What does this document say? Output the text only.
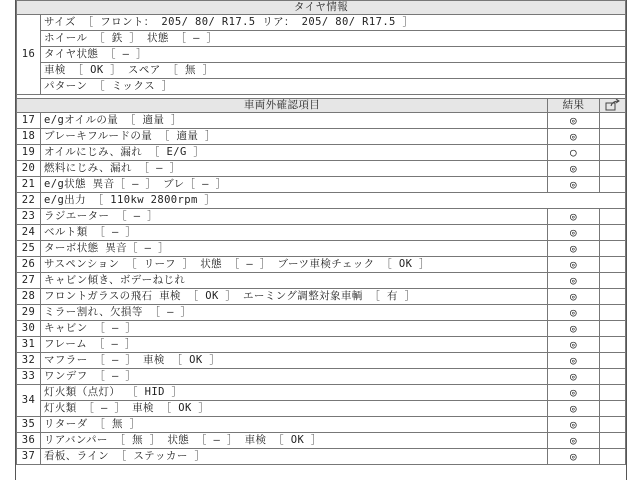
タイヤ情報
16	サイズ ［ フロント： 205/ 80/ R17.5 リア： 205/ 80/ R17.5 ］
ホイール ［ 鉄 ］ 状態 ［ ― ］
タイヤ状態 ［ ― ］
車検 ［ OK ］ スペア ［ 無 ］
パターン ［ ミックス ］
車両外確認項目		結果	
17	e/gオイルの量 ［ 適量 ］	◎	
18	ブレーキフルードの量 ［ 適量 ］	◎	
19	オイルにじみ、漏れ ［ E/G ］	○	
20	燃料にじみ、漏れ ［ ― ］	◎	
21	e/g状態 異音［ ― ］ ブレ［ ― ］	◎	
22	e/g出力 ［ 110kw 2800rpm ］		
23	ラジエーター ［ ― ］	◎	
24	ベルト類 ［ ― ］	◎	
25	ターボ状態 異音［ ― ］	◎	
26	サスペンション ［ リーフ ］ 状態 ［ ― ］ ブーツ車検チェック ［ OK ］	◎	
27	キャビン傾き、ボデーねじれ	◎	
28	フロントガラスの飛石 車検 ［ OK ］ エーミング調整対象車輌 ［ 有 ］	◎	
29	ミラー割れ、欠損等 ［ ― ］	◎	
30	キャビン ［ ― ］	◎	
31	フレーム ［ ― ］	◎	
32	マフラー ［ ― ］ 車検 ［ OK ］	◎	
33	ワンデフ ［ ― ］	◎	
34	灯火類（点灯） ［ HID ］	◎	
	灯火類 ［ ― ］ 車検 ［ OK ］	◎	
35	リターダ ［ 無 ］	◎	
36	リアバンパー ［ 無 ］ 状態 ［ ― ］ 車検 ［ OK ］	◎	
37	看板、ライン ［ ステッカー ］	◎	
